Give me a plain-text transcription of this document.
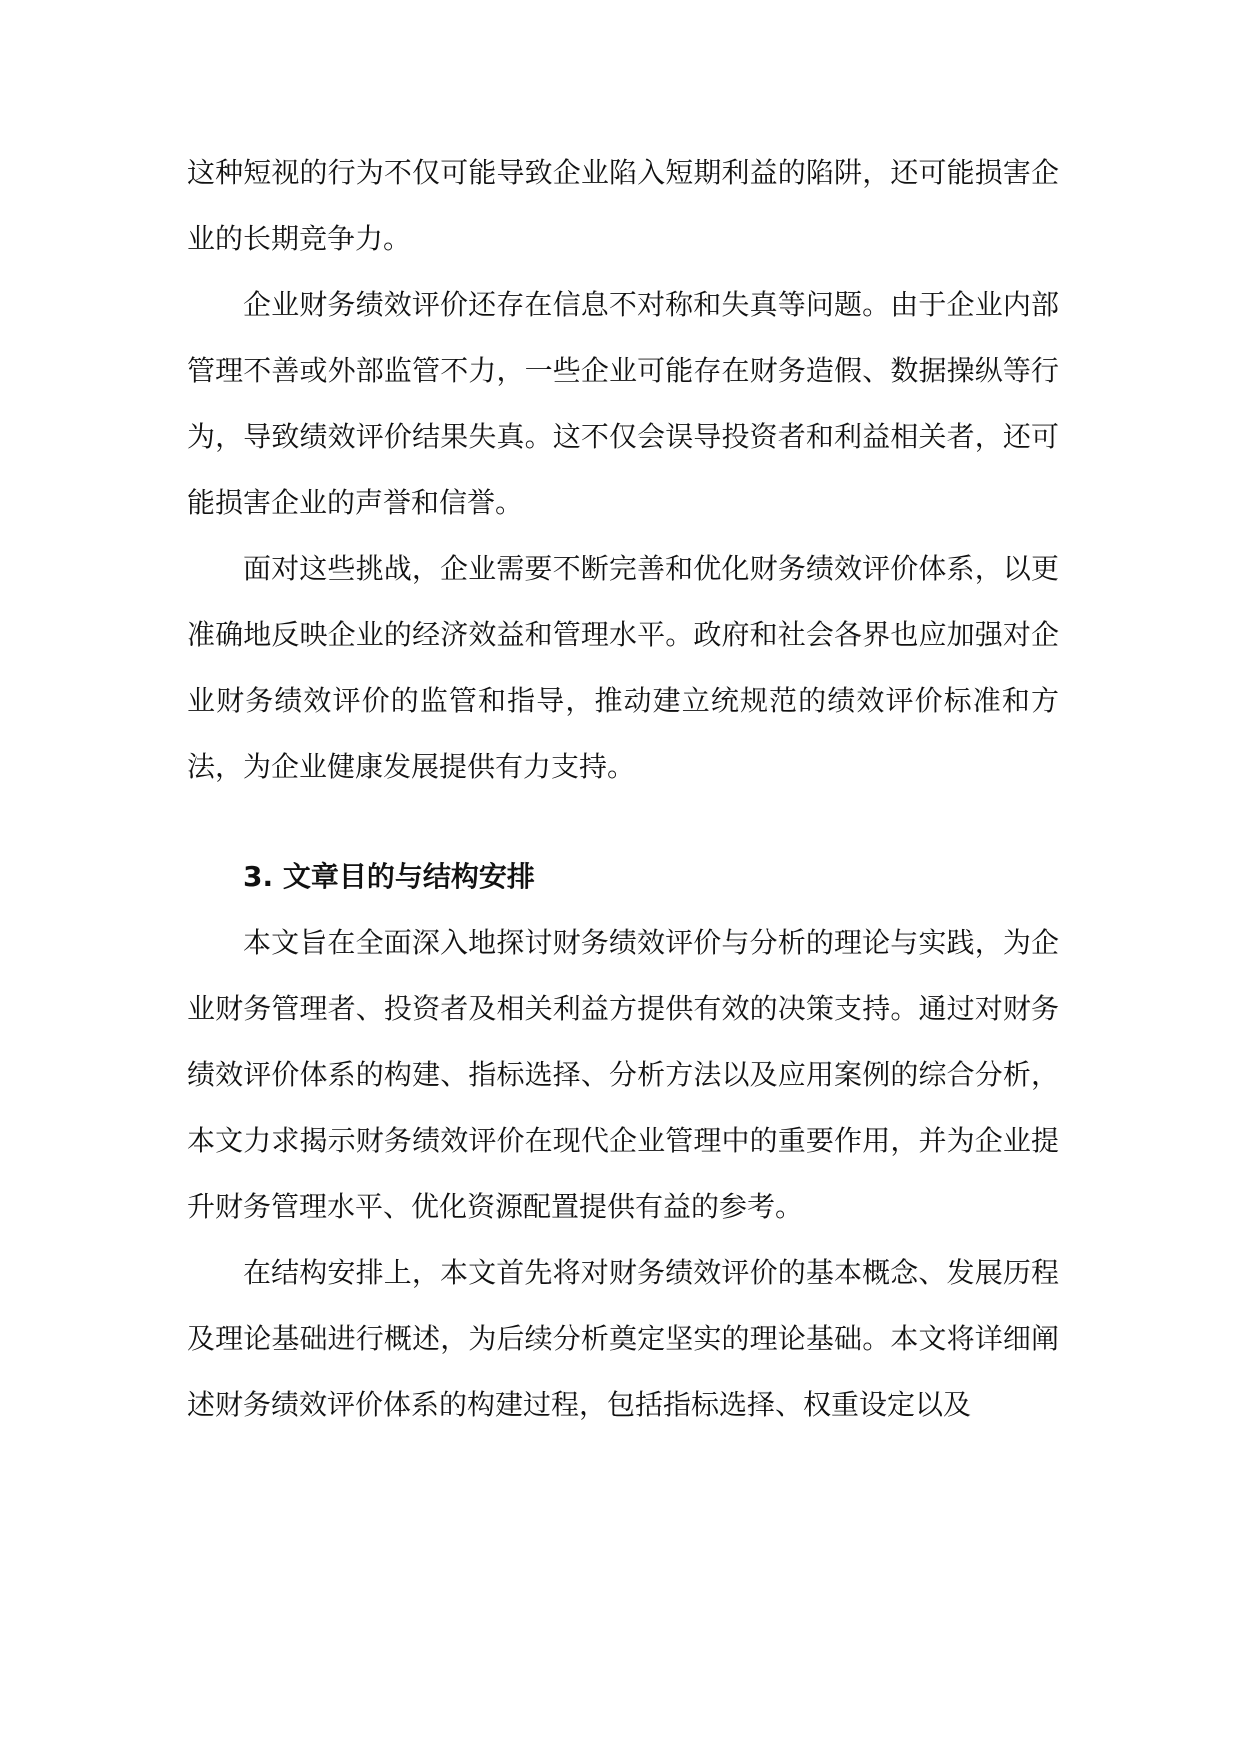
这种短视的行为不仅可能导致企业陷入短期利益的陷阱，还可能损害企业的长期竞争力。

企业财务绩效评价还存在信息不对称和失真等问题。由于企业内部管理不善或外部监管不力，一些企业可能存在财务造假、数据操纵等行为，导致绩效评价结果失真。这不仅会误导投资者和利益相关者，还可能损害企业的声誉和信誉。

面对这些挑战，企业需要不断完善和优化财务绩效评价体系，以更准确地反映企业的经济效益和管理水平。政府和社会各界也应加强对企业财务绩效评价的监管和指导，推动建立统规范的绩效评价标准和方法，为企业健康发展提供有力支持。

3. 文章目的与结构安排

本文旨在全面深入地探讨财务绩效评价与分析的理论与实践，为企业财务管理者、投资者及相关利益方提供有效的决策支持。通过对财务绩效评价体系的构建、指标选择、分析方法以及应用案例的综合分析，本文力求揭示财务绩效评价在现代企业管理中的重要作用，并为企业提升财务管理水平、优化资源配置提供有益的参考。

在结构安排上，本文首先将对财务绩效评价的基本概念、发展历程及理论基础进行概述，为后续分析奠定坚实的理论基础。本文将详细阐述财务绩效评价体系的构建过程，包括指标选择、权重设定以及
